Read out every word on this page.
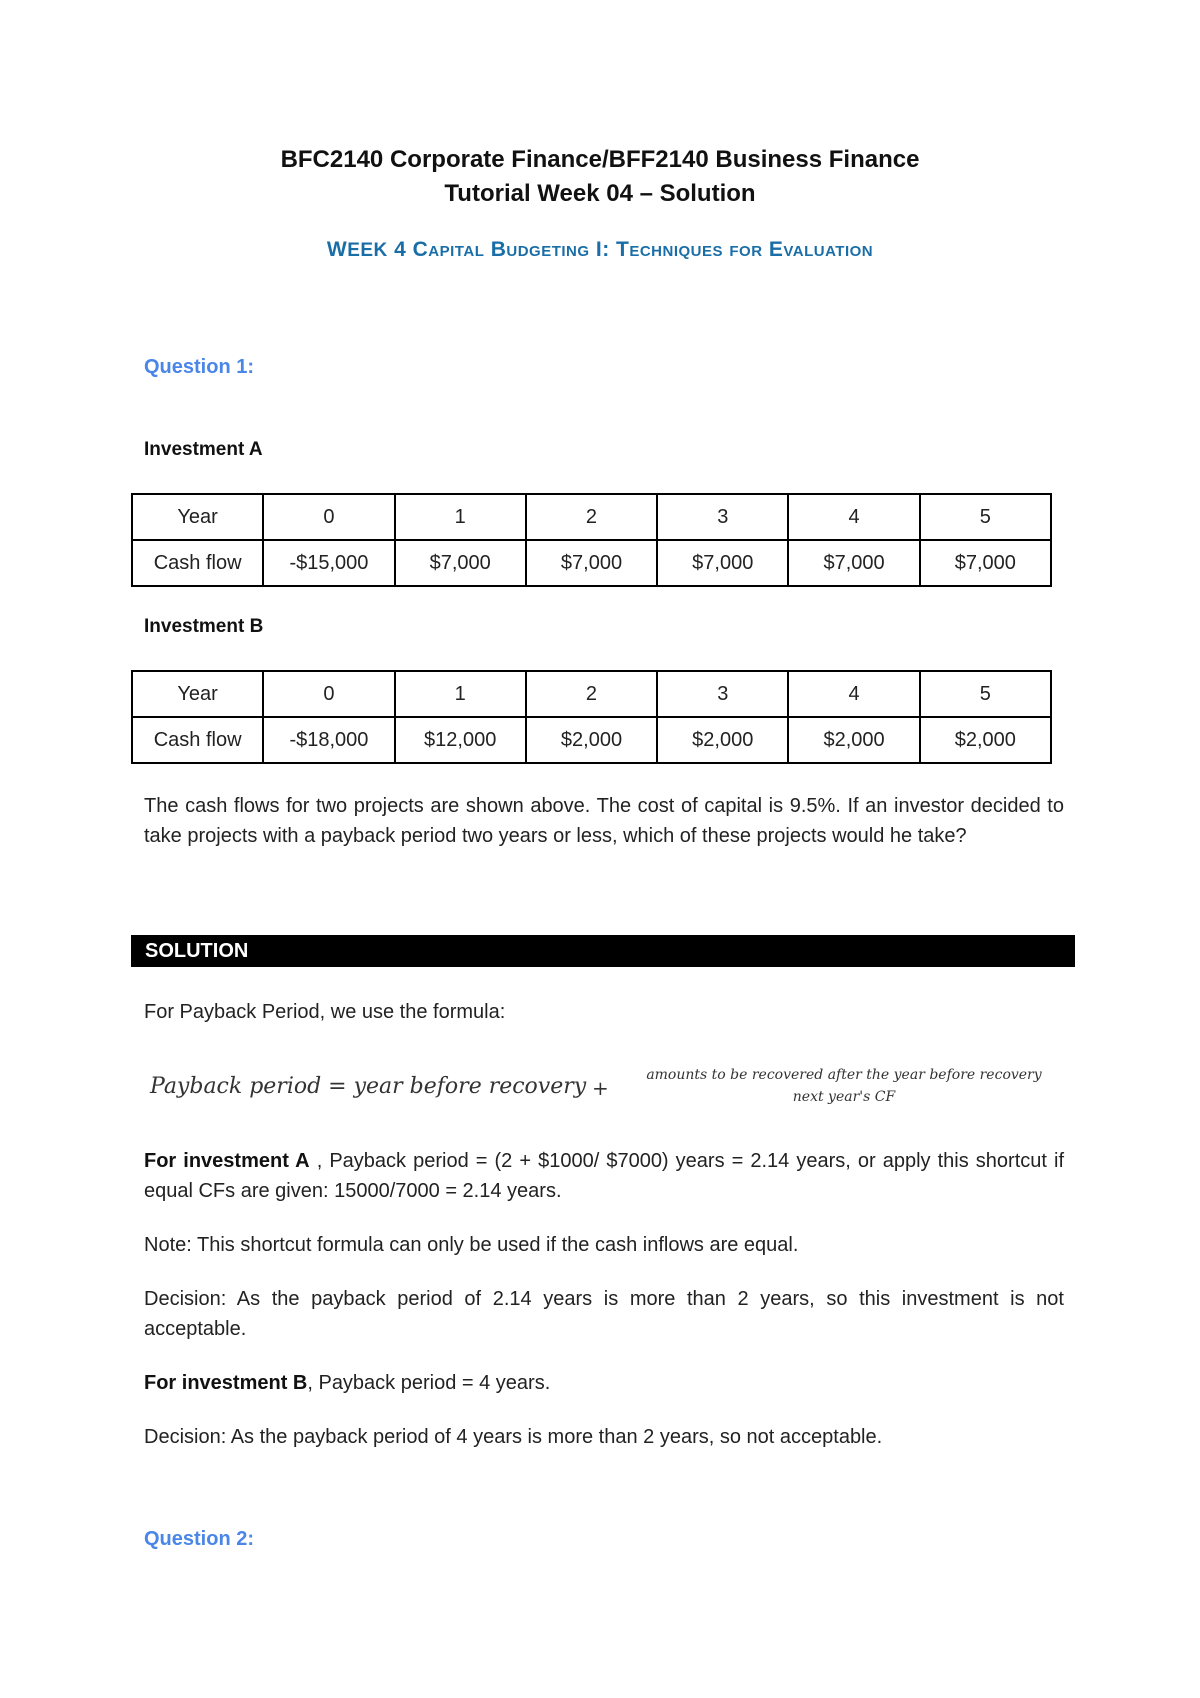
BFC2140 Corporate Finance/BFF2140 Business Finance
Tutorial Week 04 – Solution
WEEK 4 Capital Budgeting I: Techniques for Evaluation
Question 1:
Investment A
Year	0	1	2	3	4	5
Cash flow	-$15,000	$7,000	$7,000	$7,000	$7,000	$7,000
Investment B
Year	0	1	2	3	4	5
Cash flow	-$18,000	$12,000	$2,000	$2,000	$2,000	$2,000
The cash flows for two projects are shown above. The cost of capital is 9.5%. If an investor decided to take projects with a payback period two years or less, which of these projects would he take?
SOLUTION
For Payback Period, we use the formula:
Payback period = year before recovery +
amounts to be recovered after the year before recovery
next year's CF
For investment A , Payback period = (2 + $1000/ $7000) years = 2.14 years, or apply this shortcut if equal CFs are given: 15000/7000 = 2.14 years.
Note: This shortcut formula can only be used if the cash inflows are equal.
Decision: As the payback period of 2.14 years is more than 2 years, so this investment is not acceptable.
For investment B, Payback period = 4 years.
Decision: As the payback period of 4 years is more than 2 years, so not acceptable.
Question 2:
